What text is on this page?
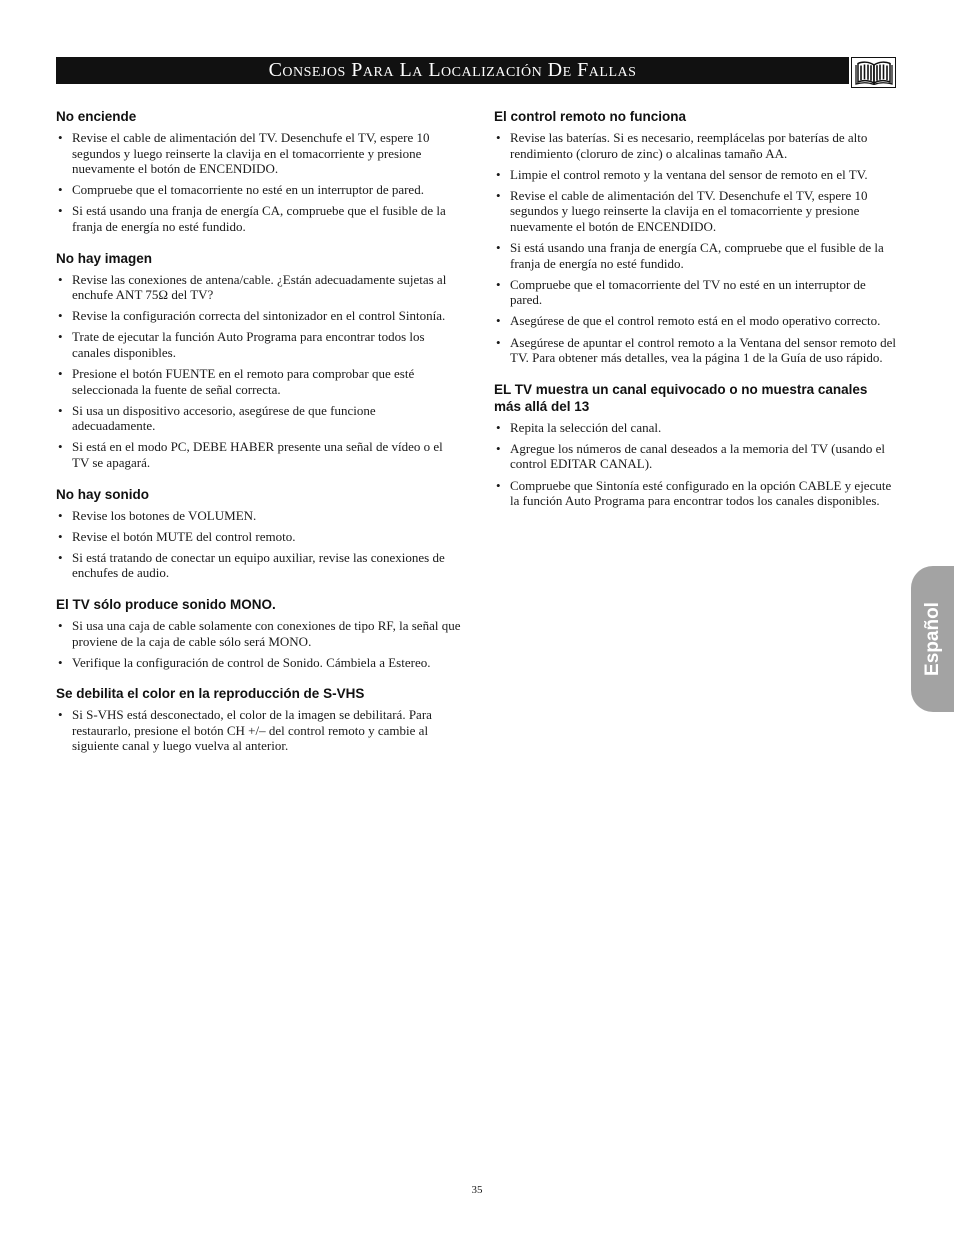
Consejos Para La Localización De Fallas
No enciende
• Revise el cable de alimentación del TV. Desenchufe el TV, espere 10 segundos y luego reinserte la clavija en el tomacorriente y presione nuevamente el botón de ENCENDIDO.
• Compruebe que el tomacorriente no esté en un interruptor de pared.
• Si está usando una franja de energía CA, compruebe que el fusible de la franja de energía no esté fundido.
No hay imagen
• Revise las conexiones de antena/cable. ¿Están adecuadamente sujetas al enchufe ANT 75Ω del TV?
• Revise la configuración correcta del sintonizador en el control Sintonía.
• Trate de ejecutar la función Auto Programa para encontrar todos los canales disponibles.
• Presione el botón FUENTE en el remoto para comprobar que esté seleccionada la fuente de señal correcta.
• Si usa un dispositivo accesorio, asegúrese de que funcione adecuadamente.
• Si está en el modo PC, DEBE HABER presente una señal de vídeo o el TV se apagará.
No hay sonido
• Revise los botones de VOLUMEN.
• Revise el botón MUTE del control remoto.
• Si está tratando de conectar un equipo auxiliar, revise las conexiones de enchufes de audio.
El TV sólo produce sonido MONO.
• Si usa una caja de cable solamente con conexiones de tipo RF, la señal que proviene de la caja de cable sólo será MONO.
• Verifique la configuración de control de Sonido. Cámbiela a Estereo.
Se debilita el color en la reproducción de S-VHS
• Si S-VHS está desconectado, el color de la imagen se debilitará. Para restaurarlo, presione el botón CH +/– del control remoto y cambie al siguiente canal y luego vuelva al anterior.
El control remoto no funciona
• Revise las baterías. Si es necesario, reemplácelas por baterías de alto rendimiento (cloruro de zinc) o alcalinas tamaño AA.
• Limpie el control remoto y la ventana del sensor de remoto en el TV.
• Revise el cable de alimentación del TV. Desenchufe el TV, espere 10 segundos y luego reinserte la clavija en el tomacorriente y presione nuevamente el botón de ENCENDIDO.
• Si está usando una franja de energía CA, compruebe que el fusible de la franja de energía no esté fundido.
• Compruebe que el tomacorriente del TV no esté en un interruptor de pared.
• Asegúrese de que el control remoto está en el modo operativo correcto.
• Asegúrese de apuntar el control remoto a la Ventana del sensor remoto del TV. Para obtener más detalles, vea la página 1 de la Guía de uso rápido.
EL TV muestra un canal equivocado o no muestra canales más allá del 13
• Repita la selección del canal.
• Agregue los números de canal deseados a la memoria del TV (usando el control EDITAR CANAL).
• Compruebe que Sintonía esté configurado en la opción CABLE y ejecute la función Auto Programa para encontrar todos los canales disponibles.
Español
35
